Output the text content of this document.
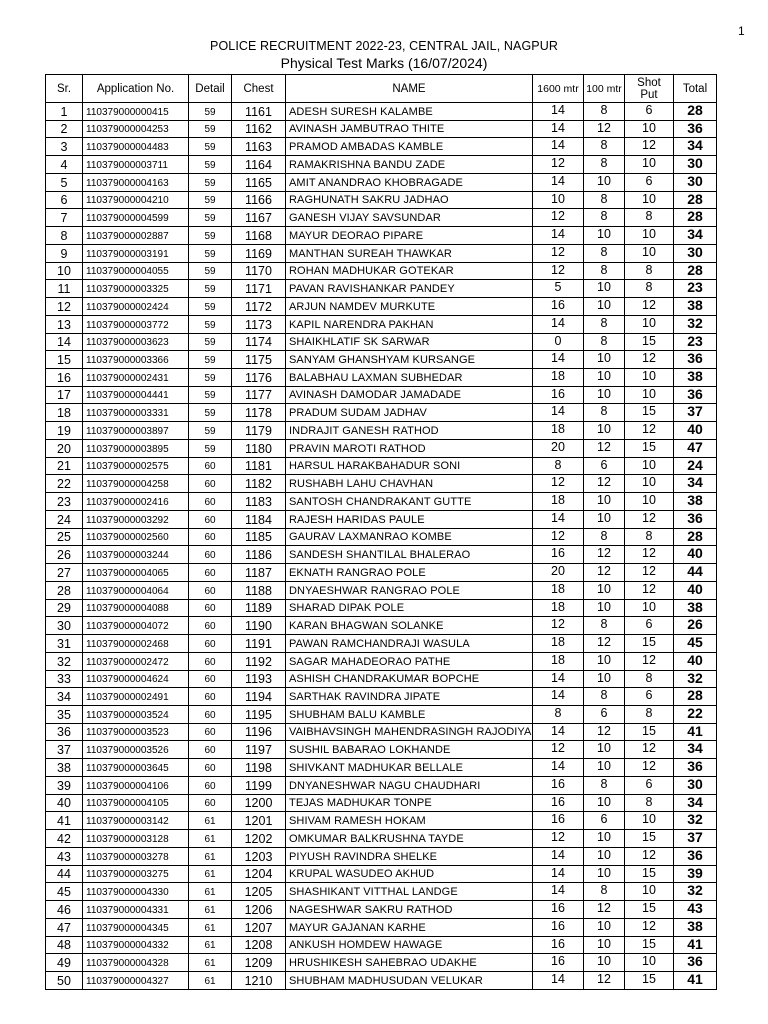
1
POLICE RECRUITMENT 2022-23, CENTRAL JAIL, NAGPUR
Physical Test Marks (16/07/2024)
Sr.	Application No.	Detail	Chest	NAME	1600 mtr	100 mtr	Shot Put	Total
1	110379000000415	59	1161	ADESH SURESH KALAMBE	14	8	6	28
2	110379000004253	59	1162	AVINASH JAMBUTRAO THITE	14	12	10	36
3	110379000004483	59	1163	PRAMOD AMBADAS KAMBLE	14	8	12	34
4	110379000003711	59	1164	RAMAKRISHNA BANDU ZADE	12	8	10	30
5	110379000004163	59	1165	AMIT ANANDRAO KHOBRAGADE	14	10	6	30
6	110379000004210	59	1166	RAGHUNATH SAKRU JADHAO	10	8	10	28
7	110379000004599	59	1167	GANESH VIJAY SAVSUNDAR	12	8	8	28
8	110379000002887	59	1168	MAYUR DEORAO PIPARE	14	10	10	34
9	110379000003191	59	1169	MANTHAN SUREAH THAWKAR	12	8	10	30
10	110379000004055	59	1170	ROHAN MADHUKAR GOTEKAR	12	8	8	28
11	110379000003325	59	1171	PAVAN RAVISHANKAR PANDEY	5	10	8	23
12	110379000002424	59	1172	ARJUN NAMDEV MURKUTE	16	10	12	38
13	110379000003772	59	1173	KAPIL NARENDRA PAKHAN	14	8	10	32
14	110379000003623	59	1174	SHAIKHLATIF SK SARWAR	0	8	15	23
15	110379000003366	59	1175	SANYAM GHANSHYAM KURSANGE	14	10	12	36
16	110379000002431	59	1176	BALABHAU LAXMAN SUBHEDAR	18	10	10	38
17	110379000004441	59	1177	AVINASH DAMODAR JAMADADE	16	10	10	36
18	110379000003331	59	1178	PRADUM SUDAM JADHAV	14	8	15	37
19	110379000003897	59	1179	INDRAJIT GANESH RATHOD	18	10	12	40
20	110379000003895	59	1180	PRAVIN MAROTI RATHOD	20	12	15	47
21	110379000002575	60	1181	HARSUL HARAKBAHADUR SONI	8	6	10	24
22	110379000004258	60	1182	RUSHABH LAHU CHAVHAN	12	12	10	34
23	110379000002416	60	1183	SANTOSH CHANDRAKANT GUTTE	18	10	10	38
24	110379000003292	60	1184	RAJESH HARIDAS PAULE	14	10	12	36
25	110379000002560	60	1185	GAURAV LAXMANRAO KOMBE	12	8	8	28
26	110379000003244	60	1186	SANDESH SHANTILAL BHALERAO	16	12	12	40
27	110379000004065	60	1187	EKNATH RANGRAO POLE	20	12	12	44
28	110379000004064	60	1188	DNYAESHWAR RANGRAO POLE	18	10	12	40
29	110379000004088	60	1189	SHARAD DIPAK POLE	18	10	10	38
30	110379000004072	60	1190	KARAN BHAGWAN SOLANKE	12	8	6	26
31	110379000002468	60	1191	PAWAN RAMCHANDRAJI WASULA	18	12	15	45
32	110379000002472	60	1192	SAGAR MAHADEORAO PATHE	18	10	12	40
33	110379000004624	60	1193	ASHISH CHANDRAKUMAR BOPCHE	14	10	8	32
34	110379000002491	60	1194	SARTHAK RAVINDRA JIPATE	14	8	6	28
35	110379000003524	60	1195	SHUBHAM BALU KAMBLE	8	6	8	22
36	110379000003523	60	1196	VAIBHAVSINGH MAHENDRASINGH RAJODIYA	14	12	15	41
37	110379000003526	60	1197	SUSHIL BABARAO LOKHANDE	12	10	12	34
38	110379000003645	60	1198	SHIVKANT MADHUKAR BELLALE	14	10	12	36
39	110379000004106	60	1199	DNYANESHWAR NAGU CHAUDHARI	16	8	6	30
40	110379000004105	60	1200	TEJAS MADHUKAR TONPE	16	10	8	34
41	110379000003142	61	1201	SHIVAM RAMESH HOKAM	16	6	10	32
42	110379000003128	61	1202	OMKUMAR BALKRUSHNA TAYDE	12	10	15	37
43	110379000003278	61	1203	PIYUSH RAVINDRA SHELKE	14	10	12	36
44	110379000003275	61	1204	KRUPAL WASUDEO AKHUD	14	10	15	39
45	110379000004330	61	1205	SHASHIKANT VITTHAL LANDGE	14	8	10	32
46	110379000004331	61	1206	NAGESHWAR SAKRU RATHOD	16	12	15	43
47	110379000004345	61	1207	MAYUR GAJANAN KARHE	16	10	12	38
48	110379000004332	61	1208	ANKUSH HOMDEW HAWAGE	16	10	15	41
49	110379000004328	61	1209	HRUSHIKESH SAHEBRAO UDAKHE	16	10	10	36
50	110379000004327	61	1210	SHUBHAM MADHUSUDAN VELUKAR	14	12	15	41
